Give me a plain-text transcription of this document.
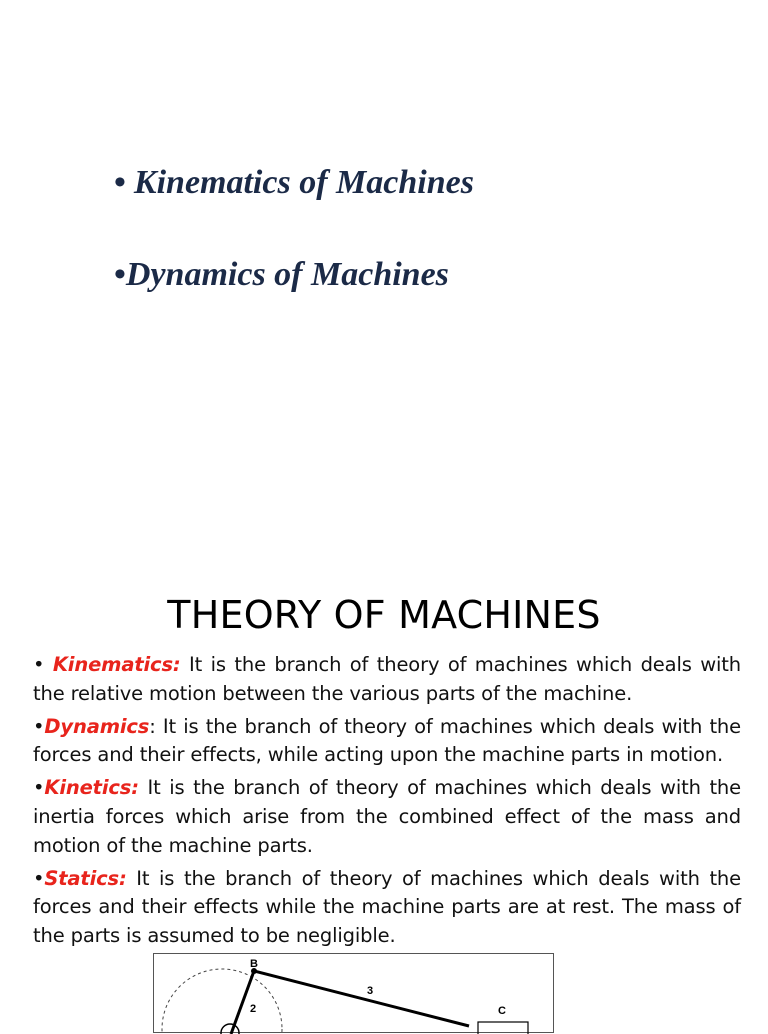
• Kinematics of Machines
•Dynamics of Machines
THEORY OF MACHINES

• Kinematics: It is the branch of theory of machines which deals with the relative motion between the various parts of the machine.

•Dynamics: It is the branch of theory of machines which deals with the forces and their effects, while acting upon the machine parts in motion.

•Kinetics: It is the branch of theory of machines which deals with the inertia forces which arise from the combined effect of the mass and motion of the machine parts.

•Statics: It is the branch of theory of machines which deals with the forces and their effects while the machine parts are at rest. The mass of the parts is assumed to be negligible.

B
2
3
C
